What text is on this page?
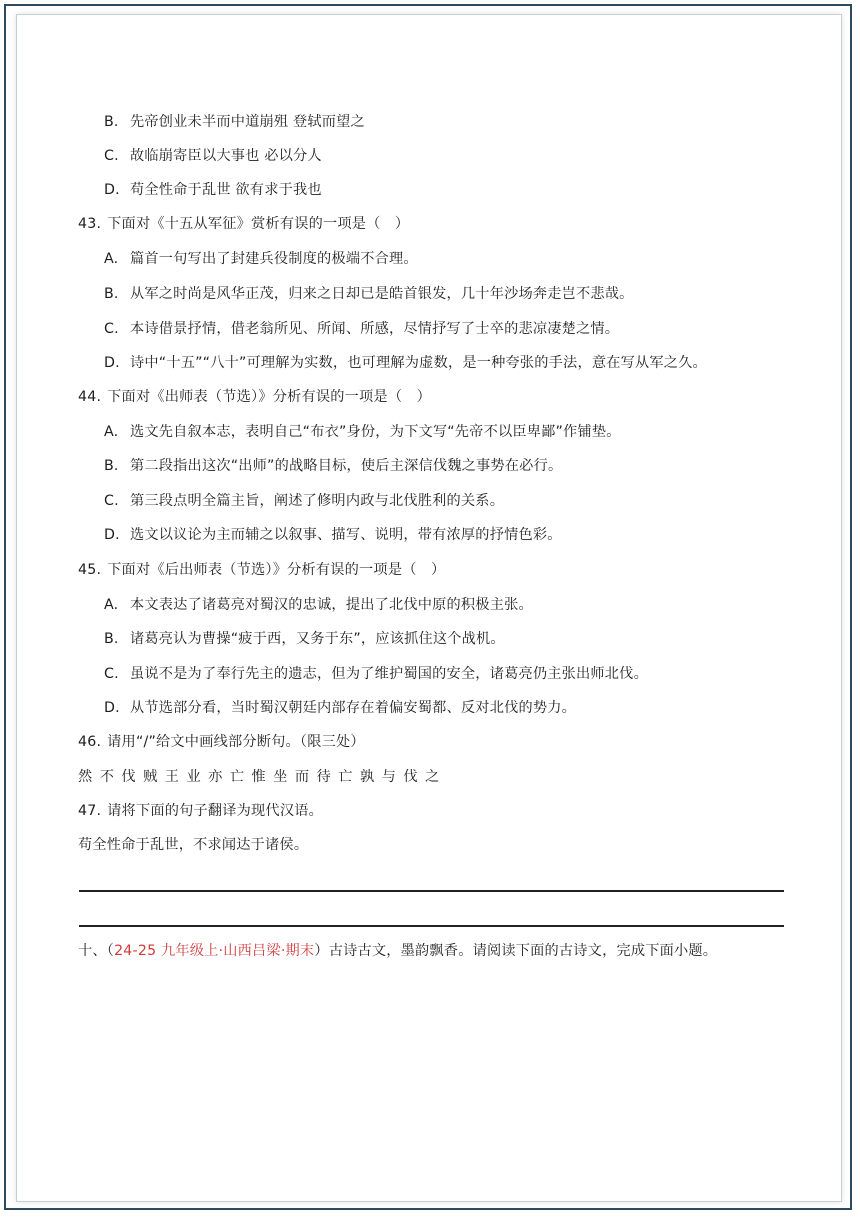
B. 先帝创业未半而中道崩殂 登轼而望之
C. 故临崩寄臣以大事也 必以分人
D. 苟全性命于乱世 欲有求于我也
43. 下面对《十五从军征》赏析有误的一项是（　）
A. 篇首一句写出了封建兵役制度的极端不合理。
B. 从军之时尚是风华正茂，归来之日却已是皓首银发，几十年沙场奔走岂不悲哉。
C. 本诗借景抒情，借老翁所见、所闻、所感，尽情抒写了士卒的悲凉凄楚之情。
D. 诗中“十五”“八十”可理解为实数，也可理解为虚数，是一种夸张的手法，意在写从军之久。
44. 下面对《出师表（节选）》分析有误的一项是（　）
A. 选文先自叙本志，表明自己“布衣”身份，为下文写“先帝不以臣卑鄙”作铺垫。
B. 第二段指出这次“出师”的战略目标，使后主深信伐魏之事势在必行。
C. 第三段点明全篇主旨，阐述了修明内政与北伐胜利的关系。
D. 选文以议论为主而辅之以叙事、描写、说明，带有浓厚的抒情色彩。
45. 下面对《后出师表（节选）》分析有误的一项是（　）
A. 本文表达了诸葛亮对蜀汉的忠诚，提出了北伐中原的积极主张。
B. 诸葛亮认为曹操“疲于西，又务于东”，应该抓住这个战机。
C. 虽说不是为了奉行先主的遗志，但为了维护蜀国的安全，诸葛亮仍主张出师北伐。
D. 从节选部分看，当时蜀汉朝廷内部存在着偏安蜀都、反对北伐的势力。
46. 请用“/”给文中画线部分断句。（限三处）
然不伐贼王业亦亡惟坐而待亡孰与伐之
47. 请将下面的句子翻译为现代汉语。
苟全性命于乱世，不求闻达于诸侯。
十、（24-25 九年级上·山西吕梁·期末）古诗古文，墨韵飘香。请阅读下面的古诗文，完成下面小题。
